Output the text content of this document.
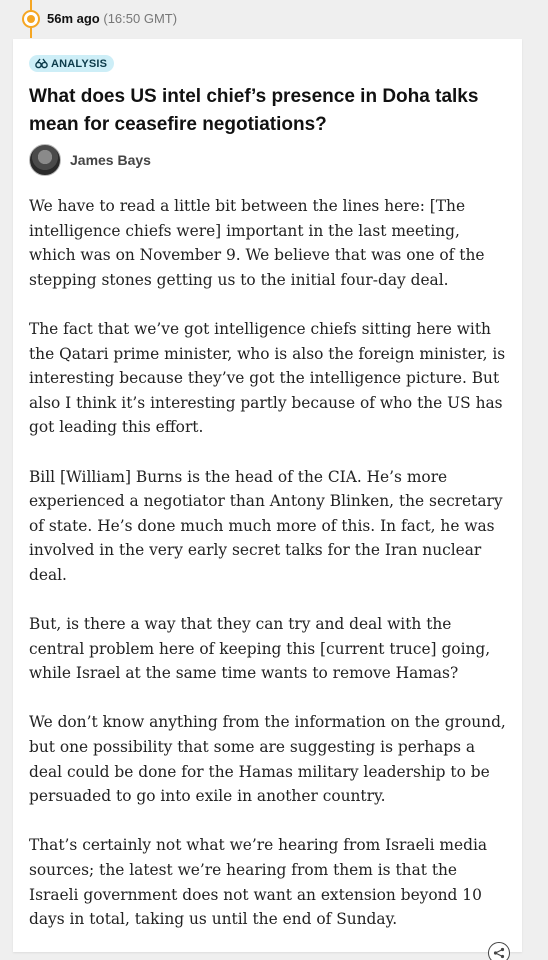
56m ago (16:50 GMT)
ANALYSIS
What does US intel chief’s presence in Doha talks mean for ceasefire negotiations?
James Bays

We have to read a little bit between the lines here: [The intelligence chiefs were] important in the last meeting, which was on November 9. We believe that was one of the stepping stones getting us to the initial four-day deal.

The fact that we’ve got intelligence chiefs sitting here with the Qatari prime minister, who is also the foreign minister, is interesting because they’ve got the intelligence picture. But also I think it’s interesting partly because of who the US has got leading this effort.

Bill [William] Burns is the head of the CIA. He’s more experienced a negotiator than Antony Blinken, the secretary of state. He’s done much much more of this. In fact, he was involved in the very early secret talks for the Iran nuclear deal.

But, is there a way that they can try and deal with the central problem here of keeping this [current truce] going, while Israel at the same time wants to remove Hamas?

We don’t know anything from the information on the ground, but one possibility that some are suggesting is perhaps a deal could be done for the Hamas military leadership to be persuaded to go into exile in another country.

That’s certainly not what we’re hearing from Israeli media sources; the latest we’re hearing from them is that the Israeli government does not want an extension beyond 10 days in total, taking us until the end of Sunday.
